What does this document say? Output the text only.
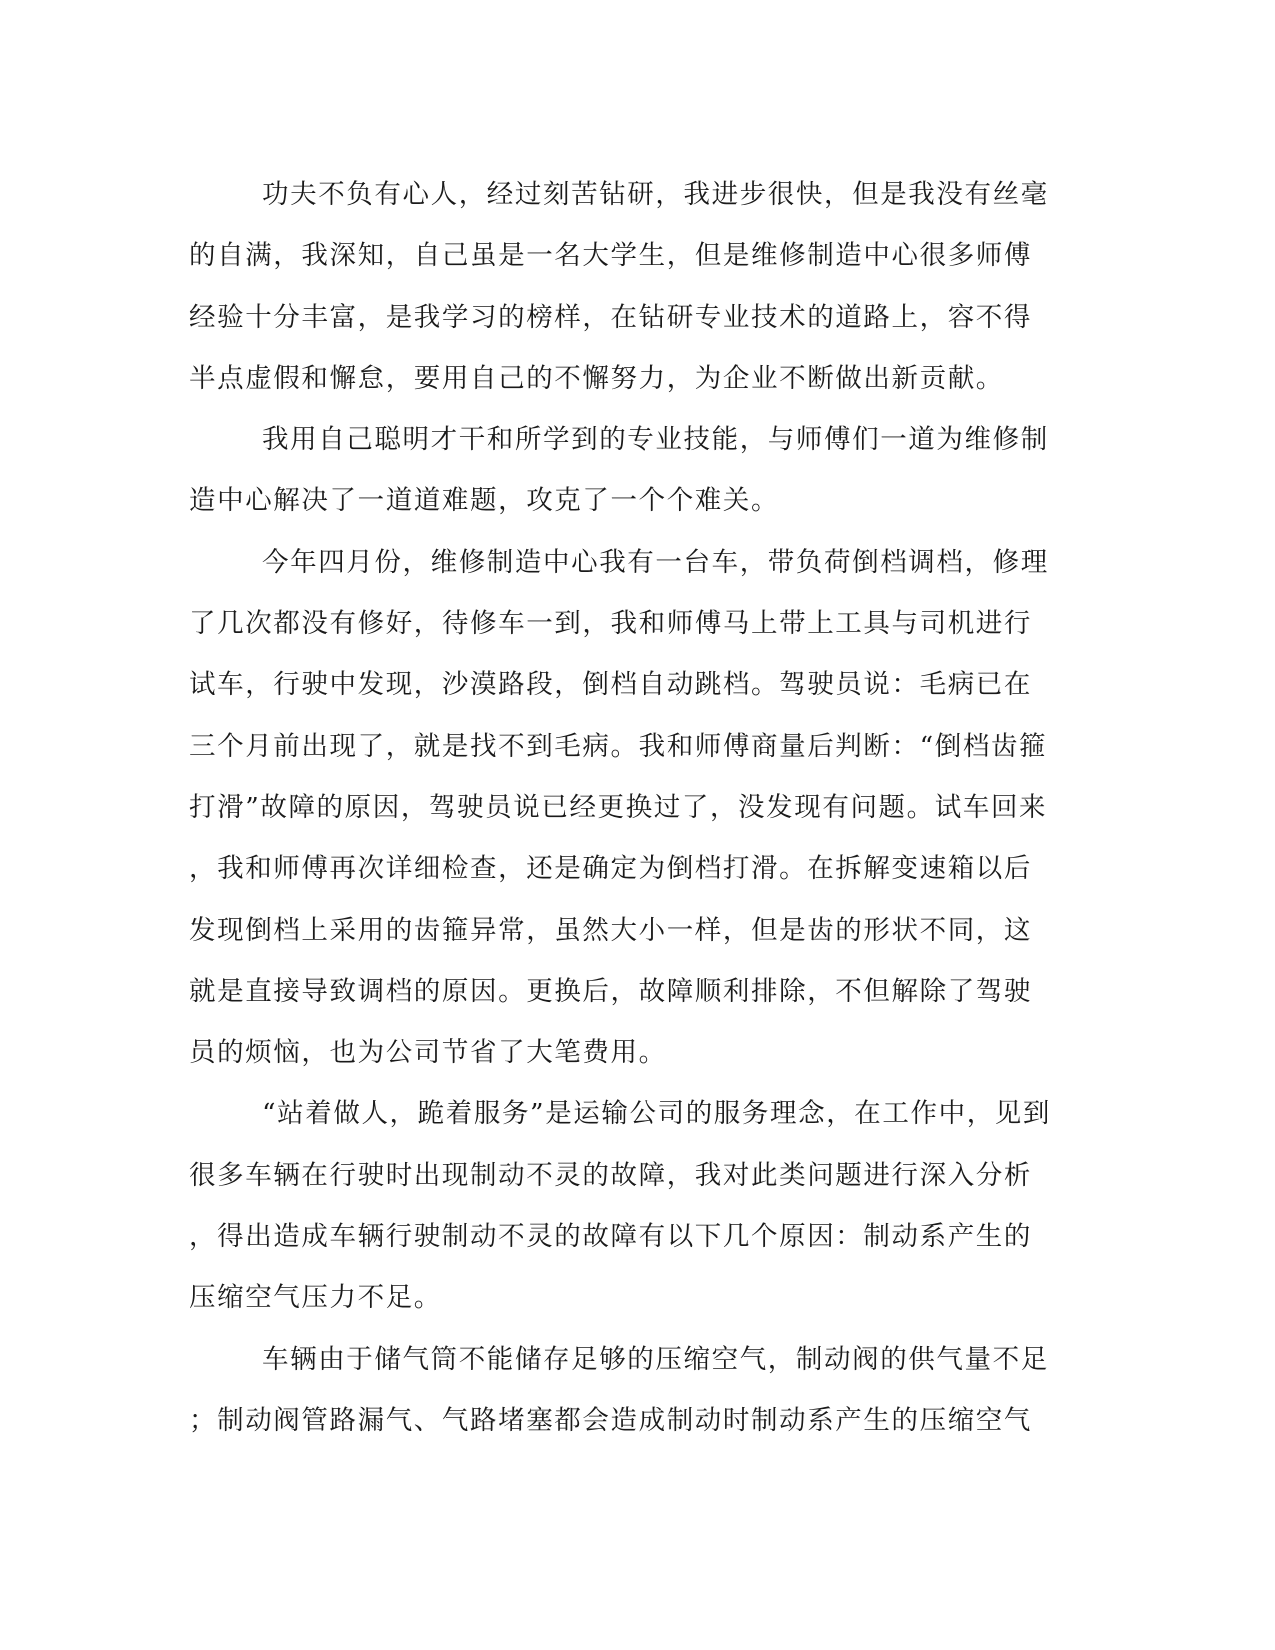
功夫不负有心人，经过刻苦钻研，我进步很快，但是我没有丝毫
的自满，我深知，自己虽是一名大学生，但是维修制造中心很多师傅
经验十分丰富，是我学习的榜样，在钻研专业技术的道路上，容不得
半点虚假和懈怠，要用自己的不懈努力，为企业不断做出新贡献。
我用自己聪明才干和所学到的专业技能，与师傅们一道为维修制
造中心解决了一道道难题，攻克了一个个难关。
今年四月份，维修制造中心我有一台车，带负荷倒档调档，修理
了几次都没有修好，待修车一到，我和师傅马上带上工具与司机进行
试车，行驶中发现，沙漠路段，倒档自动跳档。驾驶员说：毛病已在
三个月前出现了，就是找不到毛病。我和师傅商量后判断：“倒档齿箍
打滑”故障的原因，驾驶员说已经更换过了，没发现有问题。试车回来
，我和师傅再次详细检查，还是确定为倒档打滑。在拆解变速箱以后
发现倒档上采用的齿箍异常，虽然大小一样，但是齿的形状不同，这
就是直接导致调档的原因。更换后，故障顺利排除，不但解除了驾驶
员的烦恼，也为公司节省了大笔费用。
“站着做人，跪着服务”是运输公司的服务理念，在工作中，见到
很多车辆在行驶时出现制动不灵的故障，我对此类问题进行深入分析
，得出造成车辆行驶制动不灵的故障有以下几个原因：制动系产生的
压缩空气压力不足。
车辆由于储气筒不能储存足够的压缩空气，制动阀的供气量不足
；制动阀管路漏气、气路堵塞都会造成制动时制动系产生的压缩空气
